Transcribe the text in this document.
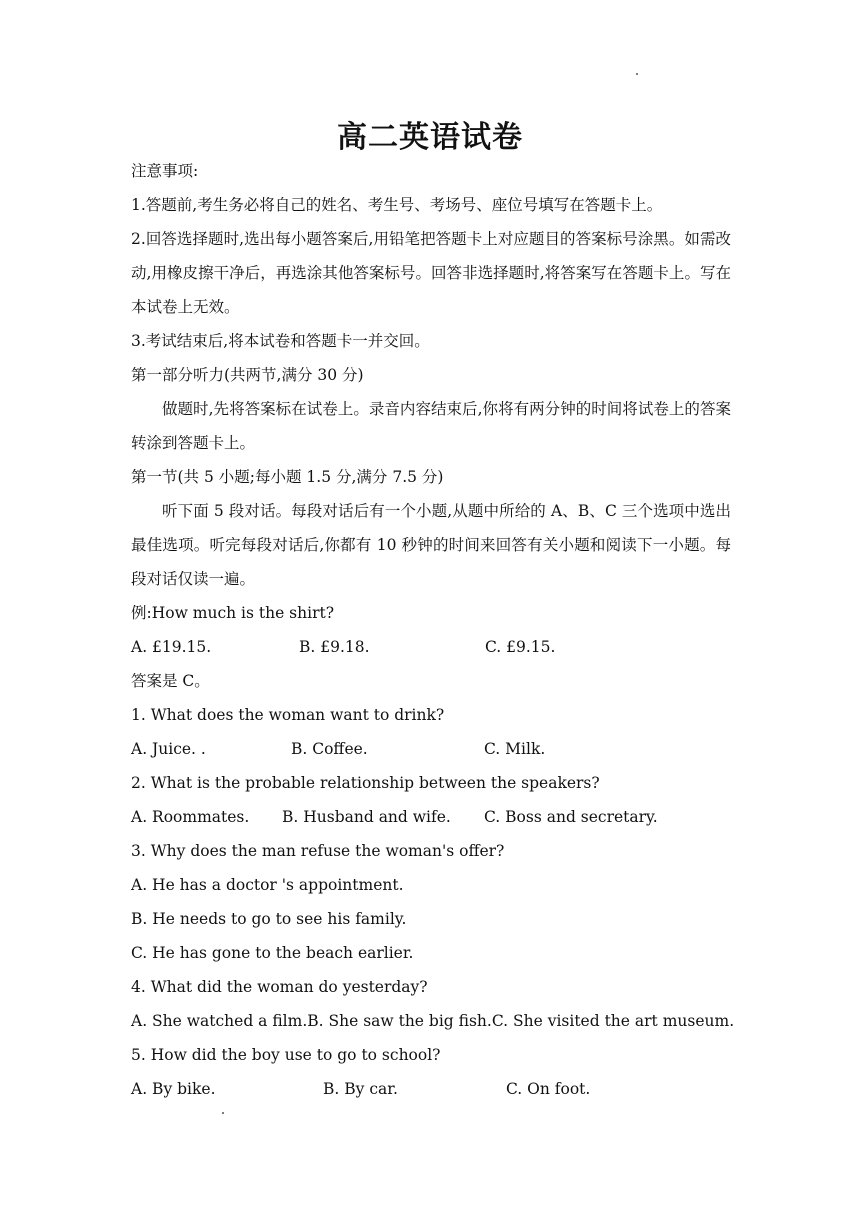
高二英语试卷
注意事项:
1.答题前,考生务必将自己的姓名、考生号、考场号、座位号填写在答题卡上。
2.回答选择题时,选出每小题答案后,用铅笔把答题卡上对应题目的答案标号涂黑。如需改动,用橡皮擦干净后，再选涂其他答案标号。回答非选择题时,将答案写在答题卡上。写在本试卷上无效。
3.考试结束后,将本试卷和答题卡一并交回。
第一部分听力(共两节,满分 30 分)
做题时,先将答案标在试卷上。录音内容结束后,你将有两分钟的时间将试卷上的答案转涂到答题卡上。
第一节(共 5 小题;每小题 1.5 分,满分 7.5 分)
听下面 5 段对话。每段对话后有一个小题,从题中所给的 A、B、C 三个选项中选出最佳选项。听完每段对话后,你都有 10 秒钟的时间来回答有关小题和阅读下一小题。每段对话仅读一遍。
例:How much is the shirt?
A. £19.15.	B. £9.18.	C. £9.15.
答案是 C。
1. What does the woman want to drink?
A. Juice. .	B. Coffee.	C. Milk.
2. What is the probable relationship between the speakers?
A. Roommates.	B. Husband and wife.	C. Boss and secretary.
3. Why does the man refuse the woman's offer?
A. He has a doctor 's appointment.
B. He needs to go to see his family.
C. He has gone to the beach earlier.
4. What did the woman do yesterday?
A. She watched a film. B. She saw the big fish. C. She visited the art museum.
5. How did the boy use to go to school?
A. By bike.	B. By car.	C. On foot.
